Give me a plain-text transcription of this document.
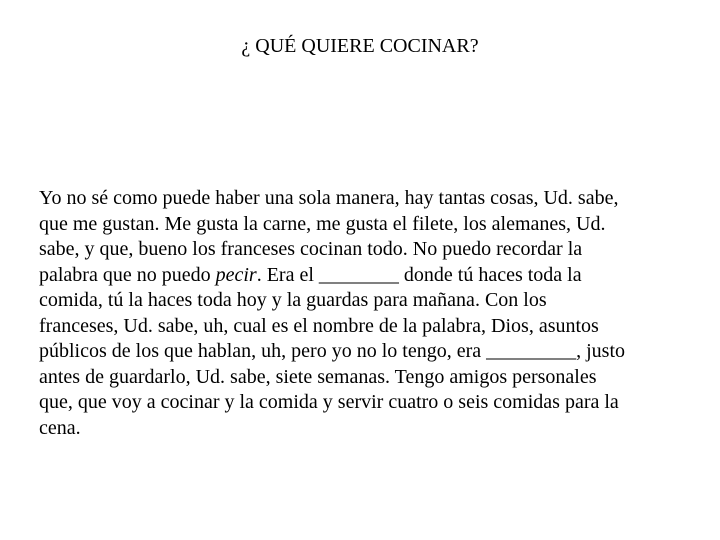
¿ QUÉ QUIERE COCINAR?
Yo no sé como puede haber una sola manera, hay tantas cosas, Ud. sabe,
que me gustan. Me gusta la carne, me gusta el filete, los alemanes, Ud.
sabe, y que, bueno los franceses cocinan todo. No puedo recordar la
palabra que no puedo pecir. Era el ________ donde tú haces toda la
comida, tú la haces toda hoy y la guardas para mañana. Con los
franceses, Ud. sabe, uh, cual es el nombre de la palabra, Dios, asuntos
públicos de los que hablan, uh, pero yo no lo tengo, era _________, justo
antes de guardarlo, Ud. sabe, siete semanas. Tengo amigos personales
que, que voy a cocinar y la comida y servir cuatro o seis comidas para la
cena.
